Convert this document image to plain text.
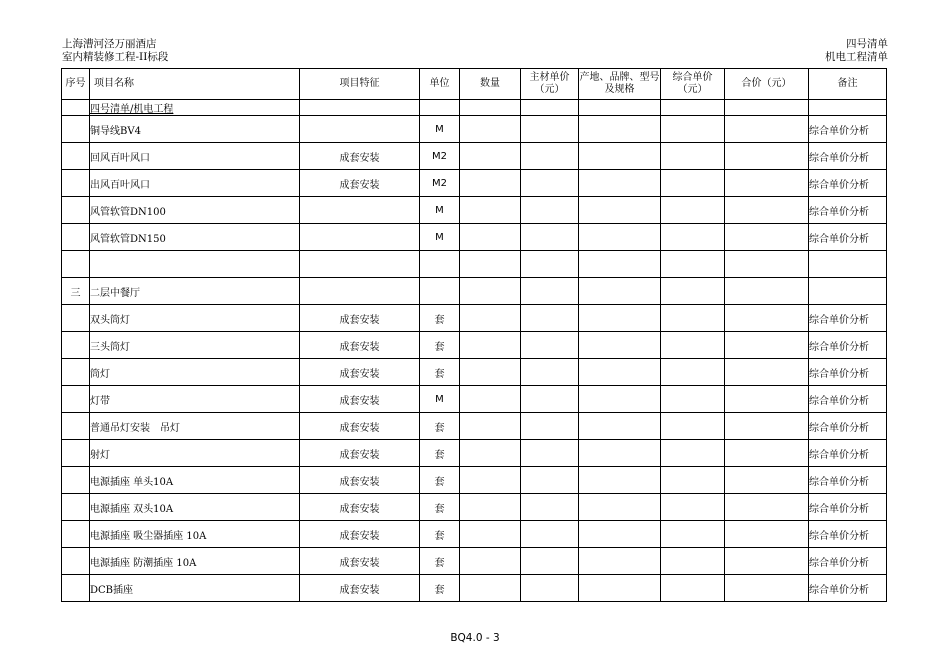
上海漕河泾万丽酒店
室内精装修工程-II标段
四号清单
机电工程清单
序号	项目名称	项目特征	单位	数量	主材单价（元）	产地、品牌、型号及规格	综合单价（元）	合价（元）	备注
	四号清单/机电工程								
	铜导线BV4		M						综合单价分析
	回风百叶风口	成套安装	M2						综合单价分析
	出风百叶风口	成套安装	M2						综合单价分析
	风管软管DN100		M						综合单价分析
	风管软管DN150		M						综合单价分析

三	二层中餐厅								
	双头筒灯	成套安装	套						综合单价分析
	三头筒灯	成套安装	套						综合单价分析
	筒灯	成套安装	套						综合单价分析
	灯带	成套安装	M						综合单价分析
	普通吊灯安装　吊灯	成套安装	套						综合单价分析
	射灯	成套安装	套						综合单价分析
	电源插座 单头10A	成套安装	套						综合单价分析
	电源插座 双头10A	成套安装	套						综合单价分析
	电源插座 吸尘器插座 10A	成套安装	套						综合单价分析
	电源插座 防潮插座 10A	成套安装	套						综合单价分析
	DCB插座	成套安装	套						综合单价分析
BQ4.0 - 3
